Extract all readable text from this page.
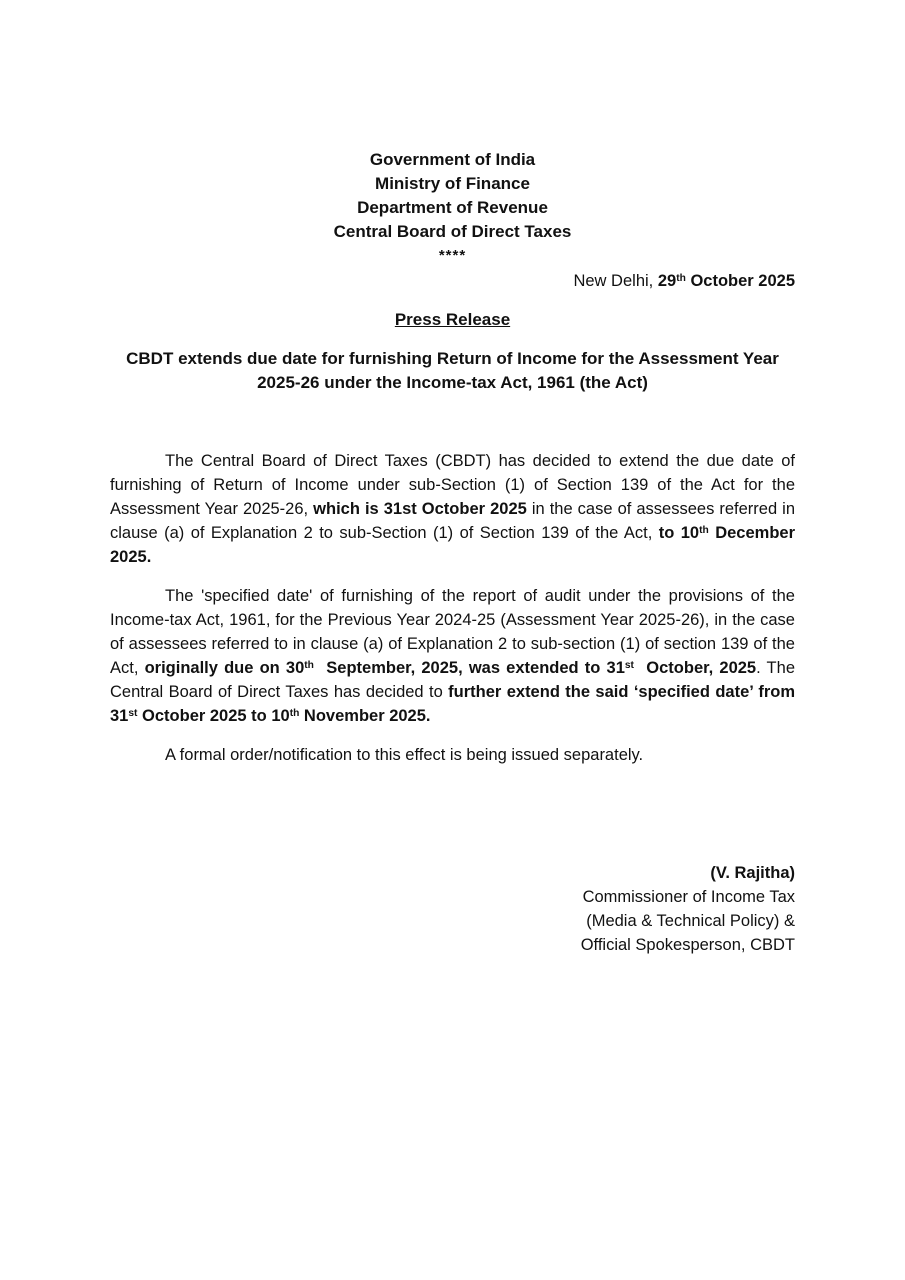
Government of India
Ministry of Finance
Department of Revenue
Central Board of Direct Taxes
****
New Delhi, 29th October 2025
Press Release
CBDT extends due date for furnishing Return of Income for the Assessment Year 2025-26 under the Income-tax Act, 1961 (the Act)

The Central Board of Direct Taxes (CBDT) has decided to extend the due date of furnishing of Return of Income under sub-Section (1) of Section 139 of the Act for the Assessment Year 2025-26, which is 31st October 2025 in the case of assessees referred in clause (a) of Explanation 2 to sub-Section (1) of Section 139 of the Act, to 10th December 2025.

The 'specified date' of furnishing of the report of audit under the provisions of the Income-tax Act, 1961, for the Previous Year 2024-25 (Assessment Year 2025-26), in the case of assessees referred to in clause (a) of Explanation 2 to sub-section (1) of section 139 of the Act, originally due on 30th  September, 2025, was extended to 31st  October, 2025. The Central Board of Direct Taxes has decided to further extend the said ‘specified date’ from 31st October 2025 to 10th November 2025.

A formal order/notification to this effect is being issued separately.

(V. Rajitha)
Commissioner of Income Tax
(Media & Technical Policy) &
Official Spokesperson, CBDT
